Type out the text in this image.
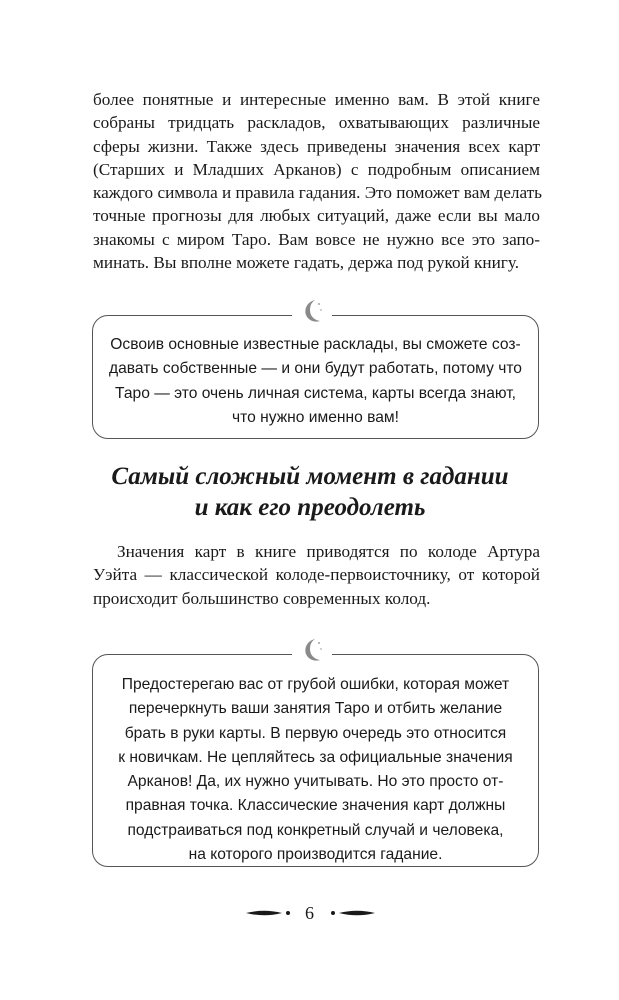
более понятные и интересные именно вам. В этой книге
собраны тридцать раскладов, охватывающих различные
сферы жизни. Также здесь приведены значения всех карт
(Старших и Младших Арканов) с подробным описанием
каждого символа и правила гадания. Это поможет вам делать
точные прогнозы для любых ситуаций, даже если вы мало
знакомы с миром Таро. Вам вовсе не нужно все это запо-
минать. Вы вполне можете гадать, держа под рукой книгу.
Освоив основные известные расклады, вы сможете соз-
давать собственные — и они будут работать, потому что
Таро — это очень личная система, карты всегда знают,
что нужно именно вам!
Самый сложный момент в гадании
и как его преодолеть
Значения карт в книге приводятся по колоде Артура
Уэйта — классической колоде-первоисточнику, от которой
происходит большинство современных колод.
Предостерегаю вас от грубой ошибки, которая может
перечеркнуть ваши занятия Таро и отбить желание
брать в руки карты. В первую очередь это относится
к новичкам. Не цепляйтесь за официальные значения
Арканов! Да, их нужно учитывать. Но это просто от-
правная точка. Классические значения карт должны
подстраиваться под конкретный случай и человека,
на которого производится гадание.
6
